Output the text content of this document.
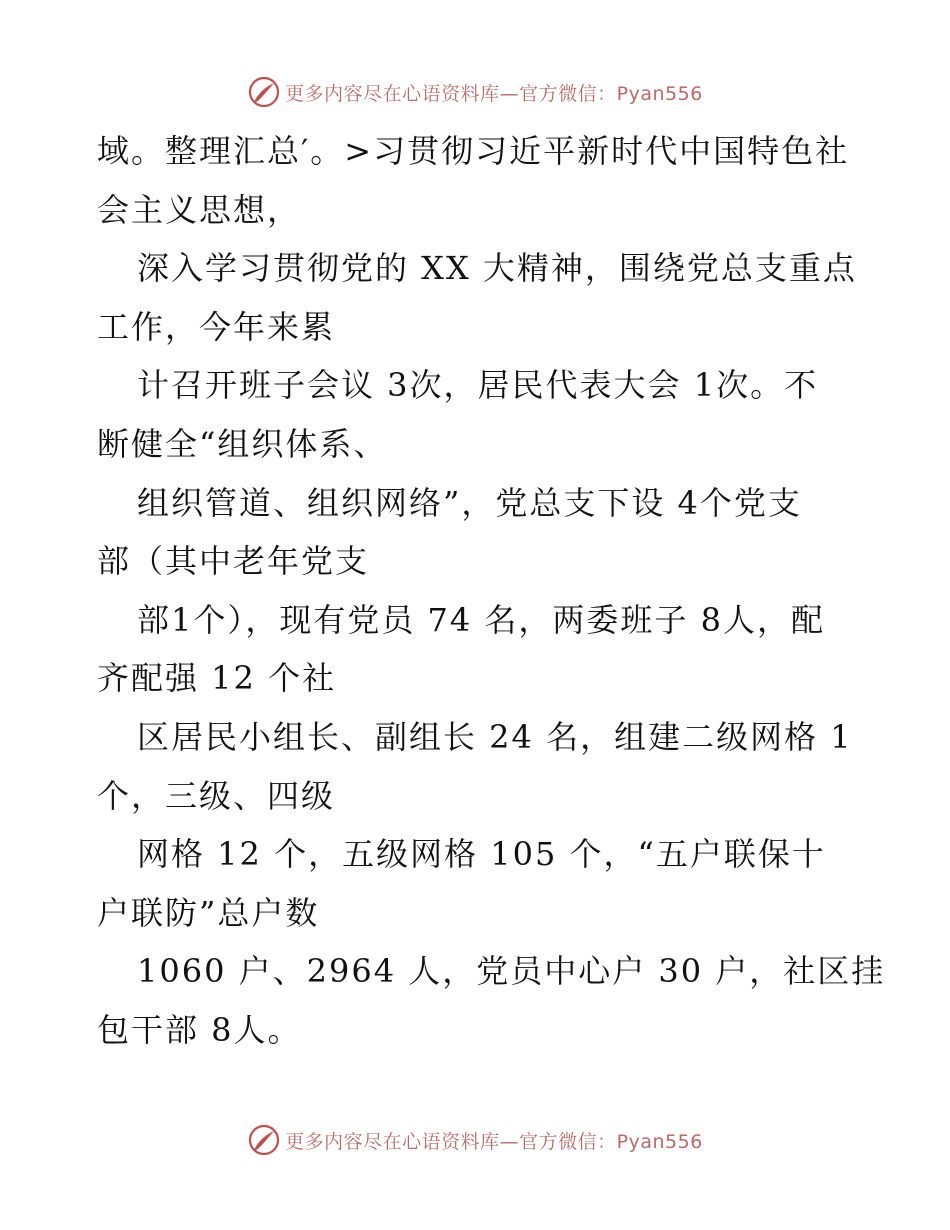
更多内容尽在心语资料库—官方微信：Pyan556
域。整理汇总′。>习贯彻习近平新时代中国特色社
会主义思想，
深入学习贯彻党的 XX 大精神，围绕党总支重点
工作，今年来累
计召开班子会议 3次，居民代表大会 1次。不
断健全“组织体系、
组织管道、组织网络”，党总支下设 4个党支
部（其中老年党支
部1个），现有党员 74 名，两委班子 8人，配
齐配强 12 个社
区居民小组长、副组长 24 名，组建二级网格 1
个，三级、四级
网格 12 个，五级网格 105 个，“五户联保十
户联防”总户数
1060 户、2964 人，党员中心户 30 户，社区挂
包干部 8人。
更多内容尽在心语资料库—官方微信：Pyan556
